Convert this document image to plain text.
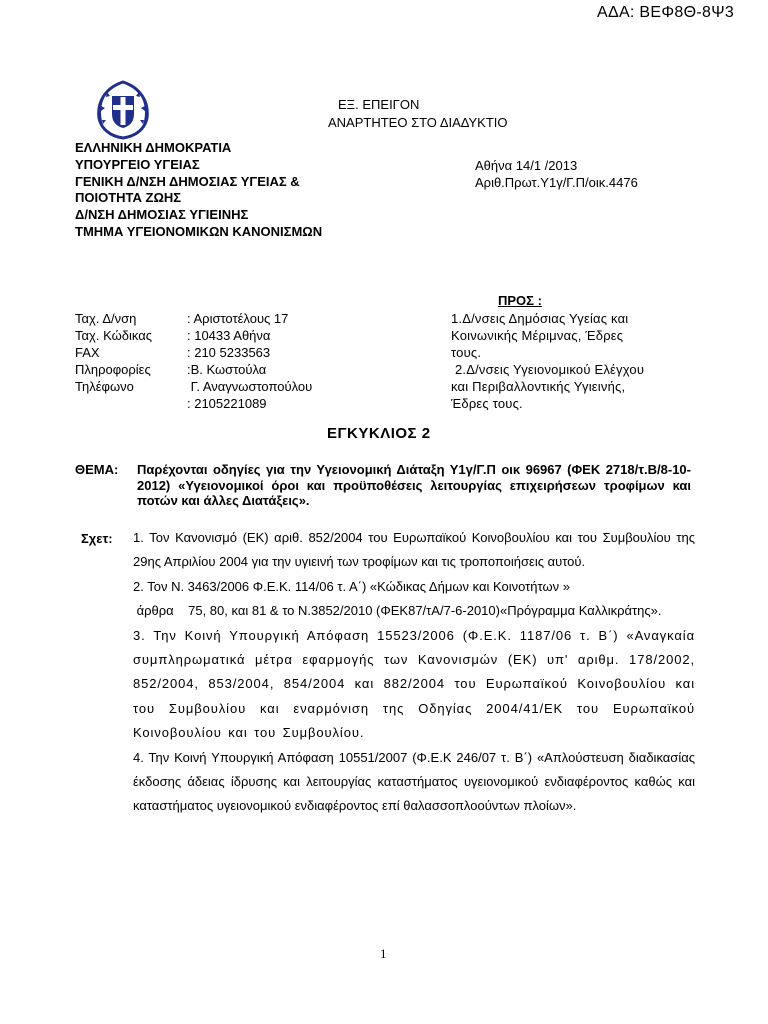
ΑΔΑ: ΒΕΦ8Θ-8Ψ3
ΕΞ. ΕΠΕΙΓΟΝ
ΑΝΑΡΤΗΤΕΟ ΣΤΟ ΔΙΑΔΥΚΤΙΟ
ΕΛΛΗΝΙΚΗ ΔΗΜΟΚΡΑΤΙΑ
ΥΠΟΥΡΓΕΙΟ ΥΓΕΙΑΣ
ΓΕΝΙΚΗ Δ/ΝΣΗ ΔΗΜΟΣΙΑΣ ΥΓΕΙΑΣ &
ΠΟΙΟΤΗΤΑ ΖΩΗΣ
Δ/ΝΣΗ ΔΗΜΟΣΙΑΣ ΥΓΙΕΙΝΗΣ
ΤΜΗΜΑ ΥΓΕΙΟΝΟΜΙΚΩΝ ΚΑΝΟΝΙΣΜΩΝ
Αθήνα 14/1 /2013
Αριθ.Πρωτ.Υ1γ/Γ.Π/οικ.4476
ΠΡΟΣ :
Ταχ. Δ/νση	: Αριστοτέλους 17
Ταχ. Κώδικας	: 10433 Αθήνα
FAX	: 210 5233563
Πληροφορίες	:Β. Κωστούλα
Τηλέφωνο	Γ. Αναγνωστοπούλου
: 2105221089
1.Δ/νσεις Δημόσιας Υγείας και
Κοινωνικής Μέριμνας, Έδρες
τους.
2.Δ/νσεις Υγειονομικού Ελέγχου
και Περιβαλλοντικής Υγιεινής,
Έδρες τους.
ΕΓΚΥΚΛΙΟΣ 2
ΘΕΜΑ: Παρέχονται οδηγίες για την Υγειονομική Διάταξη Υ1γ/Γ.Π οικ 96967 (ΦΕΚ 2718/τ.Β/8-10-2012) «Υγειονομικοί όροι και προϋποθέσεις λειτουργίας επιχειρήσεων τροφίμων και ποτών και άλλες Διατάξεις».
Σχετ: 1. Τον Κανονισμό (ΕΚ) αριθ. 852/2004 του Ευρωπαϊκού Κοινοβουλίου και του Συμβουλίου της 29ης Απριλίου 2004 για την υγιεινή των τροφίμων και τις τροποποιήσεις αυτού.
2. Τον Ν. 3463/2006 Φ.Ε.Κ. 114/06 τ. Α΄) «Κώδικας Δήμων και Κοινοτήτων »
άρθρα    75, 80, και 81 & το Ν.3852/2010 (ΦΕΚ87/τΑ/7-6-2010)«Πρόγραμμα Καλλικράτης».
3. Την Κοινή Υπουργική Απόφαση 15523/2006 (Φ.Ε.Κ. 1187/06 τ. Β΄) «Αναγκαία συμπληρωματικά μέτρα εφαρμογής των Κανονισμών (ΕΚ) υπ' αριθμ. 178/2002, 852/2004, 853/2004, 854/2004 και 882/2004 του Ευρωπαϊκού Κοινοβουλίου και του Συμβουλίου και εναρμόνιση της Οδηγίας 2004/41/ΕΚ του Ευρωπαϊκού Κοινοβουλίου και του Συμβουλίου.
4. Την Κοινή Υπουργική Απόφαση 10551/2007 (Φ.Ε.Κ 246/07 τ. Β΄) «Απλούστευση διαδικασίας έκδοσης άδειας ίδρυσης και λειτουργίας καταστήματος υγειονομικού ενδιαφέροντος καθώς και καταστήματος υγειονομικού ενδιαφέροντος επί θαλασσοπλοούντων πλοίων».
1
